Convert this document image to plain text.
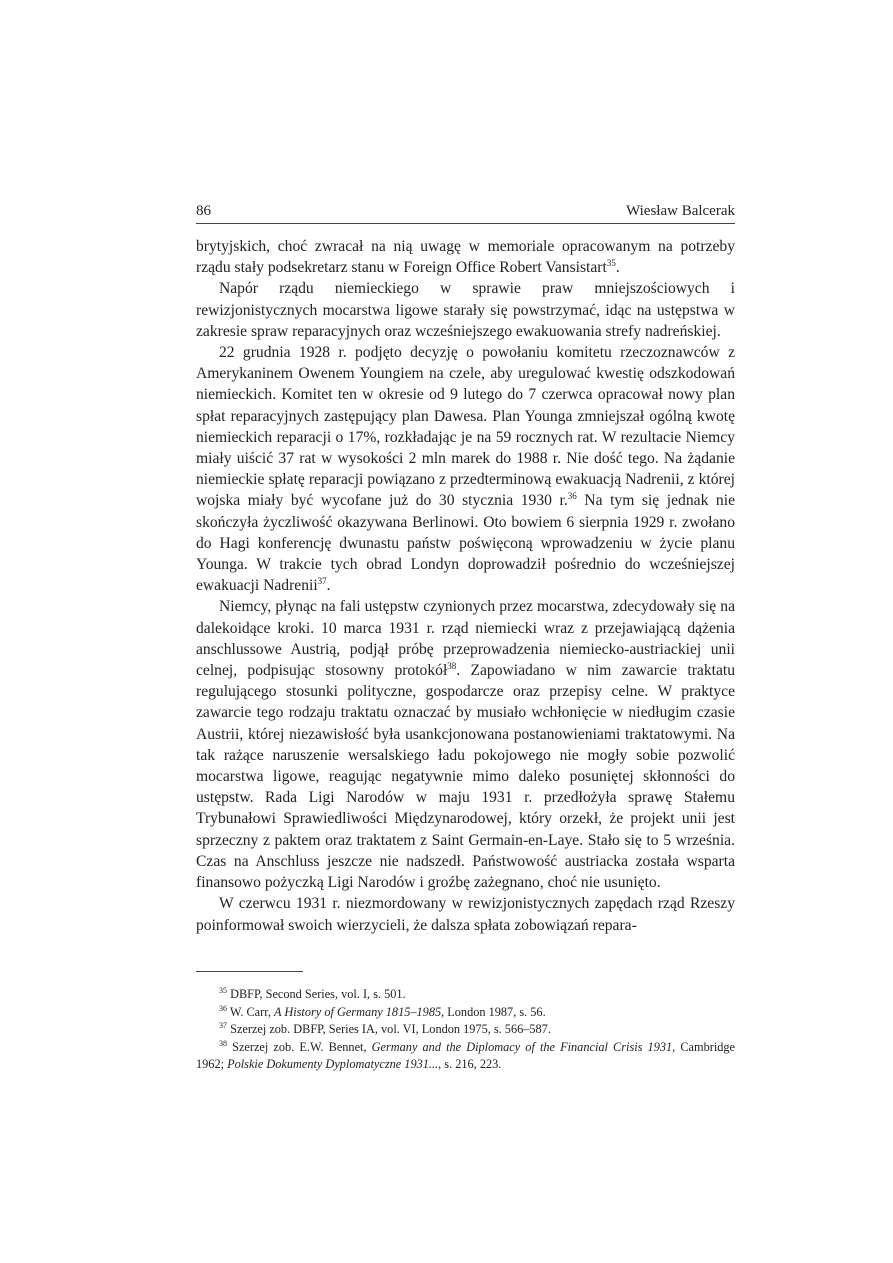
86	Wiesław Balcerak

brytyjskich, choć zwracał na nią uwagę w memoriale opracowanym na potrzeby rządu stały podsekretarz stanu w Foreign Office Robert Vansistart$^{35}$.

Napór rządu niemieckiego w sprawie praw mniejszościowych i rewizjonistycznych mocarstwa ligowe starały się powstrzymać, idąc na ustępstwa w zakresie spraw reparacyjnych oraz wcześniejszego ewakuowania strefy nadreńskiej.

22 grudnia 1928 r. podjęto decyzję o powołaniu komitetu rzeczoznawców z Amerykaninem Owenem Youngiem na czele, aby uregulować kwestię odszkodowań niemieckich. Komitet ten w okresie od 9 lutego do 7 czerwca opracował nowy plan spłat reparacyjnych zastępujący plan Dawesa. Plan Younga zmniejszał ogólną kwotę niemieckich reparacji o 17%, rozkładając je na 59 rocznych rat. W rezultacie Niemcy miały uiścić 37 rat w wysokości 2 mln marek do 1988 r. Nie dość tego. Na żądanie niemieckie spłatę reparacji powiązano z przedterminową ewakuacją Nadrenii, z której wojska miały być wycofane już do 30 stycznia 1930 r.$^{36}$ Na tym się jednak nie skończyła życzliwość okazywana Berlinowi. Oto bowiem 6 sierpnia 1929 r. zwołano do Hagi konferencję dwunastu państw poświęconą wprowadzeniu w życie planu Younga. W trakcie tych obrad Londyn doprowadził pośrednio do wcześniejszej ewakuacji Nadrenii$^{37}$.

Niemcy, płynąc na fali ustępstw czynionych przez mocarstwa, zdecydowały się na dalekoidące kroki. 10 marca 1931 r. rząd niemiecki wraz z przejawiającą dążenia anschlussowe Austrią, podjął próbę przeprowadzenia niemiecko-austriackiej unii celnej, podpisując stosowny protokół$^{38}$. Zapowiadano w nim zawarcie traktatu regulującego stosunki polityczne, gospodarcze oraz przepisy celne. W praktyce zawarcie tego rodzaju traktatu oznaczać by musiało wchłonięcie w niedługim czasie Austrii, której niezawisłość była usankcjonowana postanowieniami traktatowymi. Na tak rażące naruszenie wersalskiego ładu pokojowego nie mogły sobie pozwolić mocarstwa ligowe, reagując negatywnie mimo daleko posuniętej skłonności do ustępstw. Rada Ligi Narodów w maju 1931 r. przedłożyła sprawę Stałemu Trybunałowi Sprawiedliwości Międzynarodowej, który orzekł, że projekt unii jest sprzeczny z paktem oraz traktatem z Saint Germain-en-Laye. Stało się to 5 września. Czas na Anschluss jeszcze nie nadszedł. Państwowość austriacka została wsparta finansowo pożyczką Ligi Narodów i groźbę zażegnano, choć nie usunięto.

W czerwcu 1931 r. niezmordowany w rewizjonistycznych zapędach rząd Rzeszy poinformował swoich wierzycieli, że dalsza spłata zobowiązań repara-

$^{35}$ DBFP, Second Series, vol. I, s. 501.

$^{36}$ W. Carr, A History of Germany 1815–1985, London 1987, s. 56.

$^{37}$ Szerzej zob. DBFP, Series IA, vol. VI, London 1975, s. 566–587.

$^{38}$ Szerzej zob. E.W. Bennet, Germany and the Diplomacy of the Financial Crisis 1931, Cambridge 1962; Polskie Dokumenty Dyplomatyczne 1931..., s. 216, 223.
